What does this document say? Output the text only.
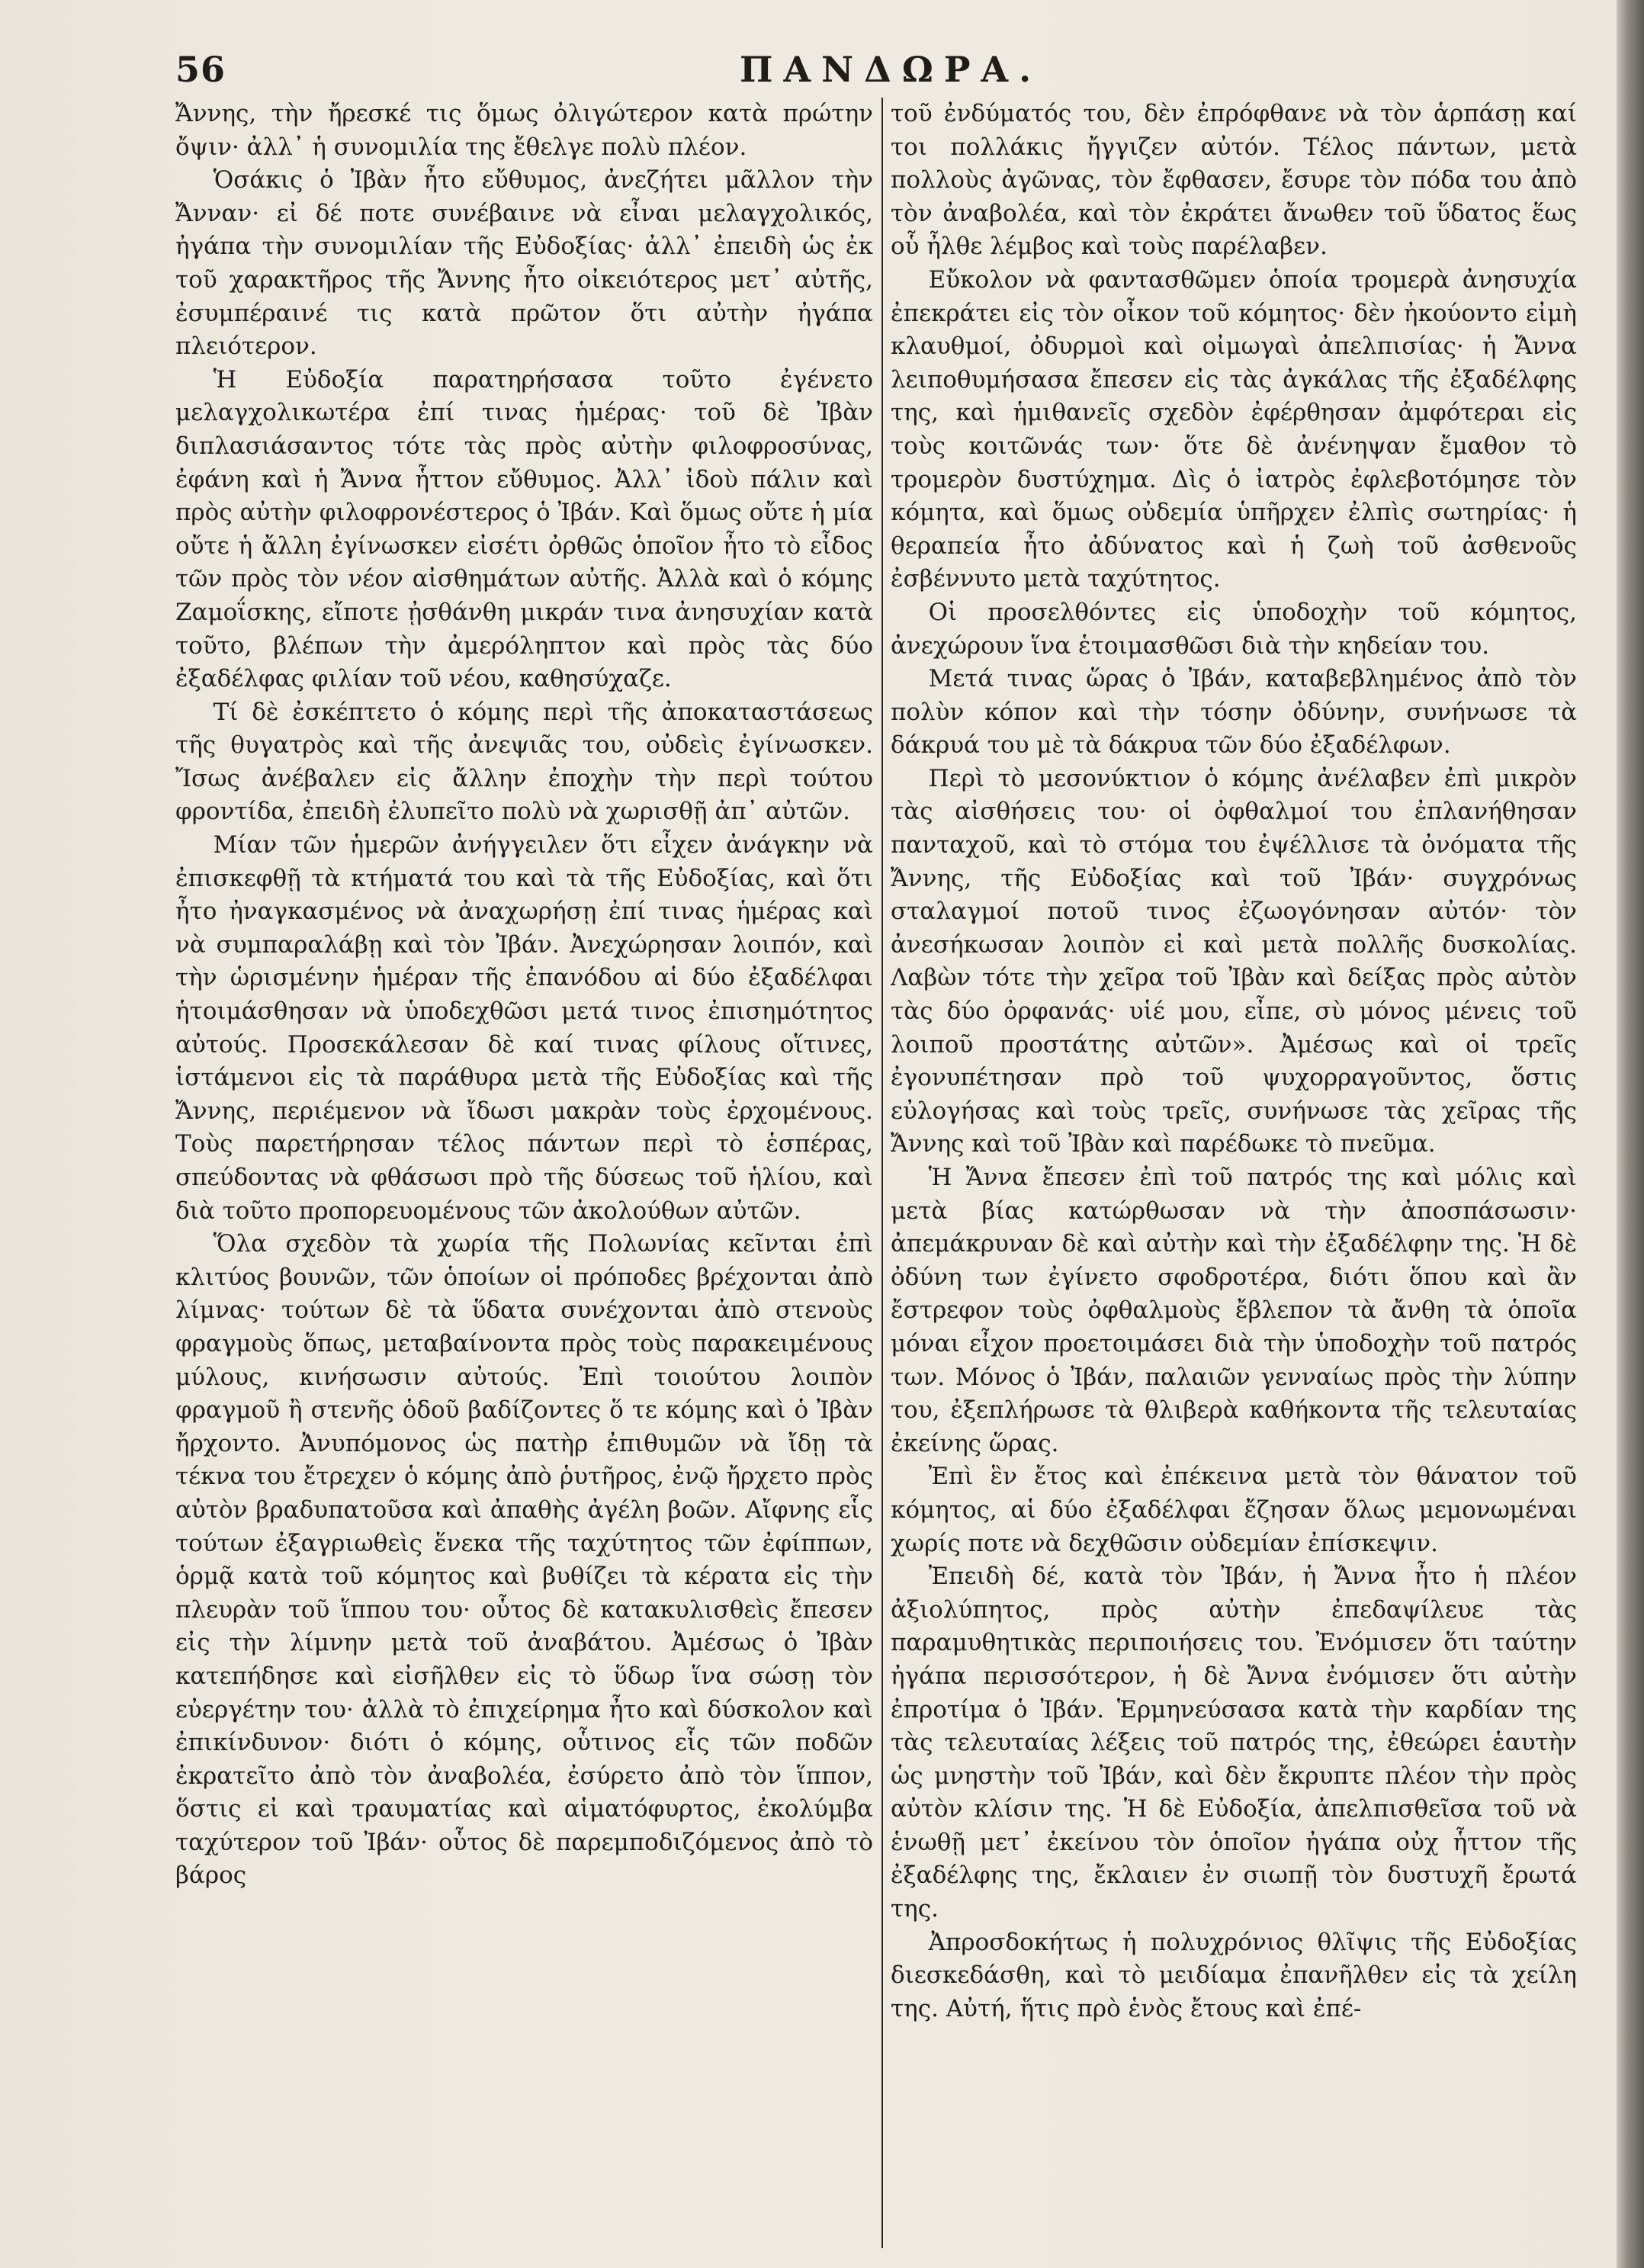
56	ΠΑΝΔΩΡΑ.

Ἄννης, τὴν ἤρεσκέ τις ὅμως ὀλιγώτερον κατὰ πρώτην ὄψιν· ἀλλ᾽ ἡ συνομιλία της ἔθελγε πολὺ πλέον.

Ὁσάκις ὁ Ἰβὰν ἦτο εὔθυμος, ἀνεζήτει μᾶλλον τὴν Ἄνναν· εἰ δέ ποτε συνέβαινε νὰ εἶναι μελαγχολικός, ἠγάπα τὴν συνομιλίαν τῆς Εὐδοξίας· ἀλλ᾽ ἐπειδὴ ὡς ἐκ τοῦ χαρακτῆρος τῆς Ἄννης ἦτο οἰκειότερος μετ᾽ αὐτῆς, ἐσυμπέραινέ τις κατὰ πρῶτον ὅτι αὐτὴν ἠγάπα πλειότερον.

Ἡ Εὐδοξία παρατηρήσασα τοῦτο ἐγένετο μελαγχολικωτέρα ἐπί τινας ἡμέρας· τοῦ δὲ Ἰβὰν διπλασιάσαντος τότε τὰς πρὸς αὐτὴν φιλοφροσύνας, ἐφάνη καὶ ἡ Ἄννα ἧττον εὔθυμος. Ἀλλ᾽ ἰδοὺ πάλιν καὶ πρὸς αὐτὴν φιλοφρονέστερος ὁ Ἰβάν. Καὶ ὅμως οὔτε ἡ μία οὔτε ἡ ἄλλη ἐγίνωσκεν εἰσέτι ὀρθῶς ὁποῖον ἦτο τὸ εἶδος τῶν πρὸς τὸν νέον αἰσθημάτων αὐτῆς. Ἀλλὰ καὶ ὁ κόμης Ζαμοΐσκης, εἴποτε ᾐσθάνθη μικράν τινα ἀνησυχίαν κατὰ τοῦτο, βλέπων τὴν ἀμερόληπτον καὶ πρὸς τὰς δύο ἐξαδέλφας φιλίαν τοῦ νέου, καθησύχαζε.

Τί δὲ ἐσκέπτετο ὁ κόμης περὶ τῆς ἀποκαταστάσεως τῆς θυγατρὸς καὶ τῆς ἀνεψιᾶς του, οὐδεὶς ἐγίνωσκεν. Ἴσως ἀνέβαλεν εἰς ἄλλην ἐποχὴν τὴν περὶ τούτου φροντίδα, ἐπειδὴ ἐλυπεῖτο πολὺ νὰ χωρισθῇ ἀπ᾽ αὐτῶν.

Μίαν τῶν ἡμερῶν ἀνήγγειλεν ὅτι εἶχεν ἀνάγκην νὰ ἐπισκεφθῇ τὰ κτήματά του καὶ τὰ τῆς Εὐδοξίας, καὶ ὅτι ἦτο ἠναγκασμένος νὰ ἀναχωρήσῃ ἐπί τινας ἡμέρας καὶ νὰ συμπαραλάβῃ καὶ τὸν Ἰβάν. Ἀνεχώρησαν λοιπόν, καὶ τὴν ὡρισμένην ἡμέραν τῆς ἐπανόδου αἱ δύο ἐξαδέλφαι ἡτοιμάσθησαν νὰ ὑποδεχθῶσι μετά τινος ἐπισημότητος αὐτούς. Προσεκάλεσαν δὲ καί τινας φίλους οἵτινες, ἱστάμενοι εἰς τὰ παράθυρα μετὰ τῆς Εὐδοξίας καὶ τῆς Ἄννης, περιέμενον νὰ ἴδωσι μακρὰν τοὺς ἐρχομένους. Τοὺς παρετήρησαν τέλος πάντων περὶ τὸ ἑσπέρας, σπεύδοντας νὰ φθάσωσι πρὸ τῆς δύσεως τοῦ ἡλίου, καὶ διὰ τοῦτο προπορευομένους τῶν ἀκολούθων αὐτῶν.

Ὅλα σχεδὸν τὰ χωρία τῆς Πολωνίας κεῖνται ἐπὶ κλιτύος βουνῶν, τῶν ὁποίων οἱ πρόποδες βρέχονται ἀπὸ λίμνας· τούτων δὲ τὰ ὕδατα συνέχονται ἀπὸ στενοὺς φραγμοὺς ὅπως, μεταβαίνοντα πρὸς τοὺς παρακειμένους μύλους, κινήσωσιν αὐτούς. Ἐπὶ τοιούτου λοιπὸν φραγμοῦ ἢ στενῆς ὁδοῦ βαδίζοντες ὅ τε κόμης καὶ ὁ Ἰβὰν ἤρχοντο. Ἀνυπόμονος ὡς πατὴρ ἐπιθυμῶν νὰ ἴδῃ τὰ τέκνα του ἔτρεχεν ὁ κόμης ἀπὸ ῥυτῆρος, ἐνῷ ἤρχετο πρὸς αὐτὸν βραδυπατοῦσα καὶ ἀπαθὴς ἀγέλη βοῶν. Αἴφνης εἷς τούτων ἐξαγριωθεὶς ἕνεκα τῆς ταχύτητος τῶν ἐφίππων, ὁρμᾷ κατὰ τοῦ κόμητος καὶ βυθίζει τὰ κέρατα εἰς τὴν πλευρὰν τοῦ ἵππου του· οὗτος δὲ κατακυλισθεὶς ἔπεσεν εἰς τὴν λίμνην μετὰ τοῦ ἀναβάτου. Ἀμέσως ὁ Ἰβὰν κατεπήδησε καὶ εἰσῆλθεν εἰς τὸ ὕδωρ ἵνα σώσῃ τὸν εὐεργέτην του· ἀλλὰ τὸ ἐπιχείρημα ἦτο καὶ δύσκολον καὶ ἐπικίνδυνον· διότι ὁ κόμης, οὗτινος εἷς τῶν ποδῶν ἐκρατεῖτο ἀπὸ τὸν ἀναβολέα, ἐσύρετο ἀπὸ τὸν ἵππον, ὅστις εἰ καὶ τραυματίας καὶ αἱματόφυρτος, ἐκολύμβα ταχύτερον τοῦ Ἰβάν· οὗτος δὲ παρεμποδιζόμενος ἀπὸ τὸ βάρος

τοῦ ἐνδύματός του, δὲν ἐπρόφθανε νὰ τὸν ἁρπάσῃ καί τοι πολλάκις ἤγγιζεν αὐτόν. Τέλος πάντων, μετὰ πολλοὺς ἀγῶνας, τὸν ἔφθασεν, ἔσυρε τὸν πόδα του ἀπὸ τὸν ἀναβολέα, καὶ τὸν ἐκράτει ἄνωθεν τοῦ ὕδατος ἕως οὗ ἦλθε λέμβος καὶ τοὺς παρέλαβεν.

Εὔκολον νὰ φαντασθῶμεν ὁποία τρομερὰ ἀνησυχία ἐπεκράτει εἰς τὸν οἶκον τοῦ κόμητος· δὲν ἠκούοντο εἰμὴ κλαυθμοί, ὀδυρμοὶ καὶ οἰμωγαὶ ἀπελπισίας· ἡ Ἄννα λειποθυμήσασα ἔπεσεν εἰς τὰς ἀγκάλας τῆς ἐξαδέλφης της, καὶ ἡμιθανεῖς σχεδὸν ἐφέρθησαν ἀμφότεραι εἰς τοὺς κοιτῶνάς των· ὅτε δὲ ἀνένηψαν ἔμαθον τὸ τρομερὸν δυστύχημα. Δὶς ὁ ἰατρὸς ἐφλεβοτόμησε τὸν κόμητα, καὶ ὅμως οὐδεμία ὑπῆρχεν ἐλπὶς σωτηρίας· ἡ θεραπεία ἦτο ἀδύνατος καὶ ἡ ζωὴ τοῦ ἀσθενοῦς ἐσβέννυτο μετὰ ταχύτητος.

Οἱ προσελθόντες εἰς ὑποδοχὴν τοῦ κόμητος, ἀνεχώρουν ἵνα ἑτοιμασθῶσι διὰ τὴν κηδείαν του.

Μετά τινας ὥρας ὁ Ἰβάν, καταβεβλημένος ἀπὸ τὸν πολὺν κόπον καὶ τὴν τόσην ὀδύνην, συνήνωσε τὰ δάκρυά του μὲ τὰ δάκρυα τῶν δύο ἐξαδέλφων.

Περὶ τὸ μεσονύκτιον ὁ κόμης ἀνέλαβεν ἐπὶ μικρὸν τὰς αἰσθήσεις του· οἱ ὀφθαλμοί του ἐπλανήθησαν πανταχοῦ, καὶ τὸ στόμα του ἐψέλλισε τὰ ὀνόματα τῆς Ἄννης, τῆς Εὐδοξίας καὶ τοῦ Ἰβάν· συγχρόνως σταλαγμοί ποτοῦ τινος ἐζωογόνησαν αὐτόν· τὸν ἀνεσήκωσαν λοιπὸν εἰ καὶ μετὰ πολλῆς δυσκολίας. Λαβὼν τότε τὴν χεῖρα τοῦ Ἰβὰν καὶ δείξας πρὸς αὐτὸν τὰς δύο ὀρφανάς· υἱέ μου, εἶπε, σὺ μόνος μένεις τοῦ λοιποῦ προστάτης αὐτῶν». Ἀμέσως καὶ οἱ τρεῖς ἐγονυπέτησαν πρὸ τοῦ ψυχορραγοῦντος, ὅστις εὐλογήσας καὶ τοὺς τρεῖς, συνήνωσε τὰς χεῖρας τῆς Ἄννης καὶ τοῦ Ἰβὰν καὶ παρέδωκε τὸ πνεῦμα.

Ἡ Ἄννα ἔπεσεν ἐπὶ τοῦ πατρός της καὶ μόλις καὶ μετὰ βίας κατώρθωσαν νὰ τὴν ἀποσπάσωσιν· ἀπεμάκρυναν δὲ καὶ αὐτὴν καὶ τὴν ἐξαδέλφην της. Ἡ δὲ ὀδύνη των ἐγίνετο σφοδροτέρα, διότι ὅπου καὶ ἂν ἔστρεφον τοὺς ὀφθαλμοὺς ἔβλεπον τὰ ἄνθη τὰ ὁποῖα μόναι εἶχον προετοιμάσει διὰ τὴν ὑποδοχὴν τοῦ πατρός των. Μόνος ὁ Ἰβάν, παλαιῶν γενναίως πρὸς τὴν λύπην του, ἐξεπλήρωσε τὰ θλιβερὰ καθήκοντα τῆς τελευταίας ἐκείνης ὥρας.

Ἐπὶ ἓν ἔτος καὶ ἐπέκεινα μετὰ τὸν θάνατον τοῦ κόμητος, αἱ δύο ἐξαδέλφαι ἔζησαν ὅλως μεμονωμέναι χωρίς ποτε νὰ δεχθῶσιν οὐδεμίαν ἐπίσκεψιν.

Ἐπειδὴ δέ, κατὰ τὸν Ἰβάν, ἡ Ἄννα ἦτο ἡ πλέον ἀξιολύπητος, πρὸς αὐτὴν ἐπεδαψίλευε τὰς παραμυθητικὰς περιποιήσεις του. Ἐνόμισεν ὅτι ταύτην ἠγάπα περισσότερον, ἡ δὲ Ἄννα ἐνόμισεν ὅτι αὐτὴν ἐπροτίμα ὁ Ἰβάν. Ἑρμηνεύσασα κατὰ τὴν καρδίαν της τὰς τελευταίας λέξεις τοῦ πατρός της, ἐθεώρει ἑαυτὴν ὡς μνηστὴν τοῦ Ἰβάν, καὶ δὲν ἔκρυπτε πλέον τὴν πρὸς αὐτὸν κλίσιν της. Ἡ δὲ Εὐδοξία, ἀπελπισθεῖσα τοῦ νὰ ἑνωθῇ μετ᾽ ἐκείνου τὸν ὁποῖον ἠγάπα οὐχ ἧττον τῆς ἐξαδέλφης της, ἔκλαιεν ἐν σιωπῇ τὸν δυστυχῆ ἔρωτά της.

Ἀπροσδοκήτως ἡ πολυχρόνιος θλῖψις τῆς Εὐδοξίας διεσκεδάσθη, καὶ τὸ μειδίαμα ἐπανῆλθεν εἰς τὰ χείλη της. Αὐτή, ἥτις πρὸ ἑνὸς ἔτους καὶ ἐπέ-
